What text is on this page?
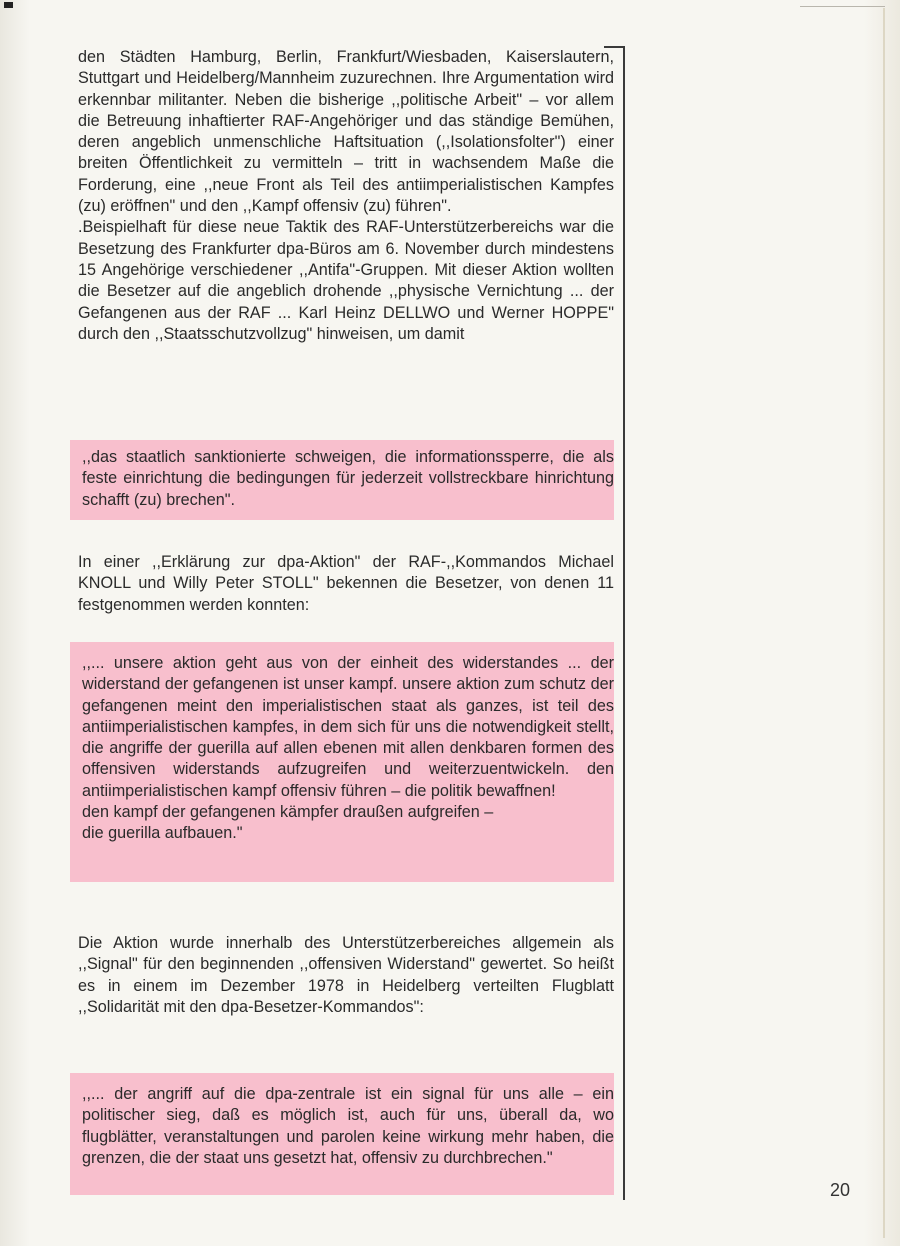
den Städten Hamburg, Berlin, Frankfurt/Wiesbaden, Kaiserslautern, Stuttgart und Heidelberg/Mannheim zuzurechnen. Ihre Argumentation wird erkennbar militanter. Neben die bisherige ,,politische Arbeit" – vor allem die Betreuung inhaftierter RAF-Angehöriger und das ständige Bemühen, deren angeblich unmenschliche Haftsituation (,,Isolationsfolter") einer breiten Öffentlichkeit zu vermitteln – tritt in wachsendem Maße die Forderung, eine ,,neue Front als Teil des antiimperialistischen Kampfes (zu) eröffnen" und den ,,Kampf offensiv (zu) führen".

.Beispielhaft für diese neue Taktik des RAF-Unterstützerbereichs war die Besetzung des Frankfurter dpa-Büros am 6. November durch mindestens 15 Angehörige verschiedener ,,Antifa"-Gruppen. Mit dieser Aktion wollten die Besetzer auf die angeblich drohende ,,physische Vernichtung ... der Gefangenen aus der RAF ... Karl Heinz DELLWO und Werner HOPPE" durch den ,,Staatsschutzvollzug" hinweisen, um damit

,,das staatlich sanktionierte schweigen, die informationssperre, die als feste einrichtung die bedingungen für jederzeit vollstreckbare hinrichtung schafft (zu) brechen".

In einer ,,Erklärung zur dpa-Aktion" der RAF-,,Kommandos Michael KNOLL und Willy Peter STOLL" bekennen die Besetzer, von denen 11 festgenommen werden konnten:

,,... unsere aktion geht aus von der einheit des widerstandes ... der widerstand der gefangenen ist unser kampf. unsere aktion zum schutz der gefangenen meint den imperialistischen staat als ganzes, ist teil des antiimperialistischen kampfes, in dem sich für uns die notwendigkeit stellt, die angriffe der guerilla auf allen ebenen mit allen denkbaren formen des offensiven widerstands aufzugreifen und weiterzuentwickeln. den antiimperialistischen kampf offensiv führen – die politik bewaffnen!

den kampf der gefangenen kämpfer draußen aufgreifen –
die guerilla aufbauen."

Die Aktion wurde innerhalb des Unterstützerbereiches allgemein als ,,Signal" für den beginnenden ,,offensiven Widerstand" gewertet. So heißt es in einem im Dezember 1978 in Heidelberg verteilten Flugblatt ,,Solidarität mit den dpa-Besetzer-Kommandos":

,,... der angriff auf die dpa-zentrale ist ein signal für uns alle – ein politischer sieg, daß es möglich ist, auch für uns, überall da, wo flugblätter, veranstaltungen und parolen keine wirkung mehr haben, die grenzen, die der staat uns gesetzt hat, offensiv zu durchbrechen."

20
